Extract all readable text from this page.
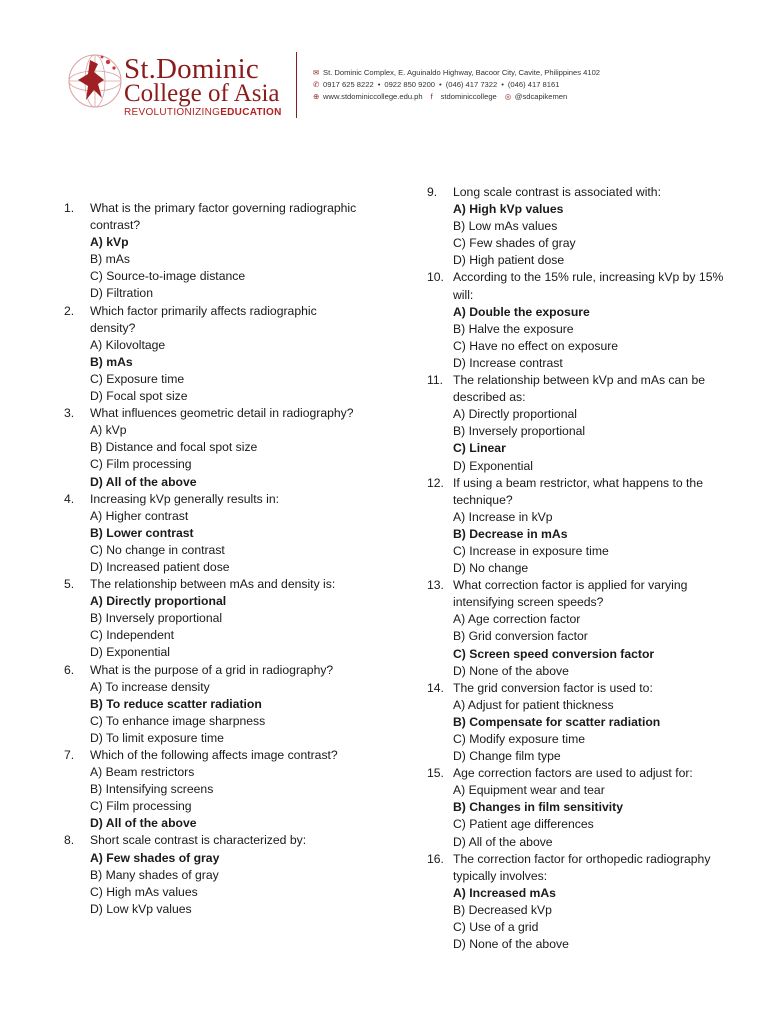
St.Dominic
College of Asia
REVOLUTIONIZINGEDUCATION
✉ St. Dominic Complex, E. Aguinaldo Highway, Bacoor City, Cavite, Philippines 4102
✆ 0917 625 8222 • 0922 850 9200 • (046) 417 7322 • (046) 417 8161
⊕ www.stdominiccollege.edu.ph f stdominiccollege ◎ @sdcapikemen
1.	What is the primary factor governing radiographic contrast?
A) kVp
B) mAs
C) Source-to-image distance
D) Filtration
2.	Which factor primarily affects radiographic density?
A) Kilovoltage
B) mAs
C) Exposure time
D) Focal spot size
3.	What influences geometric detail in radiography?
A) kVp
B) Distance and focal spot size
C) Film processing
D) All of the above
4.	Increasing kVp generally results in:
A) Higher contrast
B) Lower contrast
C) No change in contrast
D) Increased patient dose
5.	The relationship between mAs and density is:
A) Directly proportional
B) Inversely proportional
C) Independent
D) Exponential
6.	What is the purpose of a grid in radiography?
A) To increase density
B) To reduce scatter radiation
C) To enhance image sharpness
D) To limit exposure time
7.	Which of the following affects image contrast?
A) Beam restrictors
B) Intensifying screens
C) Film processing
D) All of the above
8.	Short scale contrast is characterized by:
A) Few shades of gray
B) Many shades of gray
C) High mAs values
D) Low kVp values
9.	Long scale contrast is associated with:
A) High kVp values
B) Low mAs values
C) Few shades of gray
D) High patient dose
10. According to the 15% rule, increasing kVp by 15% will:
A) Double the exposure
B) Halve the exposure
C) Have no effect on exposure
D) Increase contrast
11. The relationship between kVp and mAs can be described as:
A) Directly proportional
B) Inversely proportional
C) Linear
D) Exponential
12. If using a beam restrictor, what happens to the technique?
A) Increase in kVp
B) Decrease in mAs
C) Increase in exposure time
D) No change
13. What correction factor is applied for varying intensifying screen speeds?
A) Age correction factor
B) Grid conversion factor
C) Screen speed conversion factor
D) None of the above
14. The grid conversion factor is used to:
A) Adjust for patient thickness
B) Compensate for scatter radiation
C) Modify exposure time
D) Change film type
15. Age correction factors are used to adjust for:
A) Equipment wear and tear
B) Changes in film sensitivity
C) Patient age differences
D) All of the above
16. The correction factor for orthopedic radiography typically involves:
A) Increased mAs
B) Decreased kVp
C) Use of a grid
D) None of the above
